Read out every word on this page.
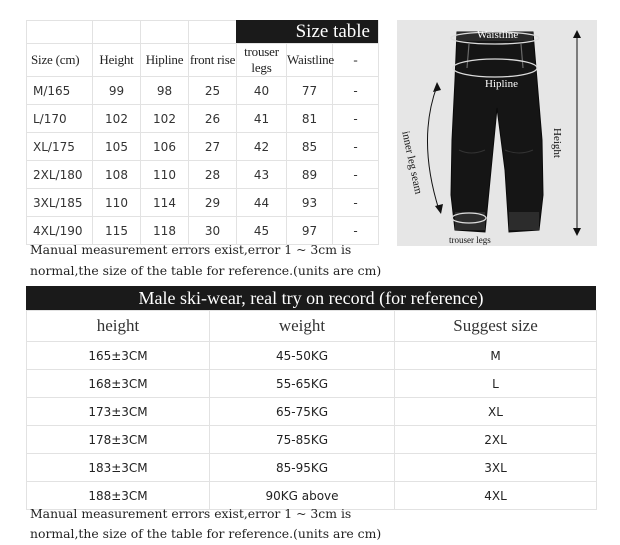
Size (cm)	Height	Hipline	front rise	trouser legs	Waistline	-
M/165	99	98	25	40	77	-
L/170	102	102	26	41	81	-
XL/175	105	106	27	42	85	-
2XL/180	108	110	28	43	89	-
3XL/185	110	114	29	44	93	-
4XL/190	115	118	30	45	97	-
Size table
Manual measurement errors exist,error 1 ~ 3cm is
normal,the size of the table for reference.(units are cm)
Waistline
Hipline
Height
inner leg seam
trouser legs
Male ski-wear, real try on record (for reference)
height	weight	Suggest size
165±3CM	45-50KG	M
168±3CM	55-65KG	L
173±3CM	65-75KG	XL
178±3CM	75-85KG	2XL
183±3CM	85-95KG	3XL
188±3CM	90KG above	4XL
Manual measurement errors exist,error 1 ~ 3cm is
normal,the size of the table for reference.(units are cm)
